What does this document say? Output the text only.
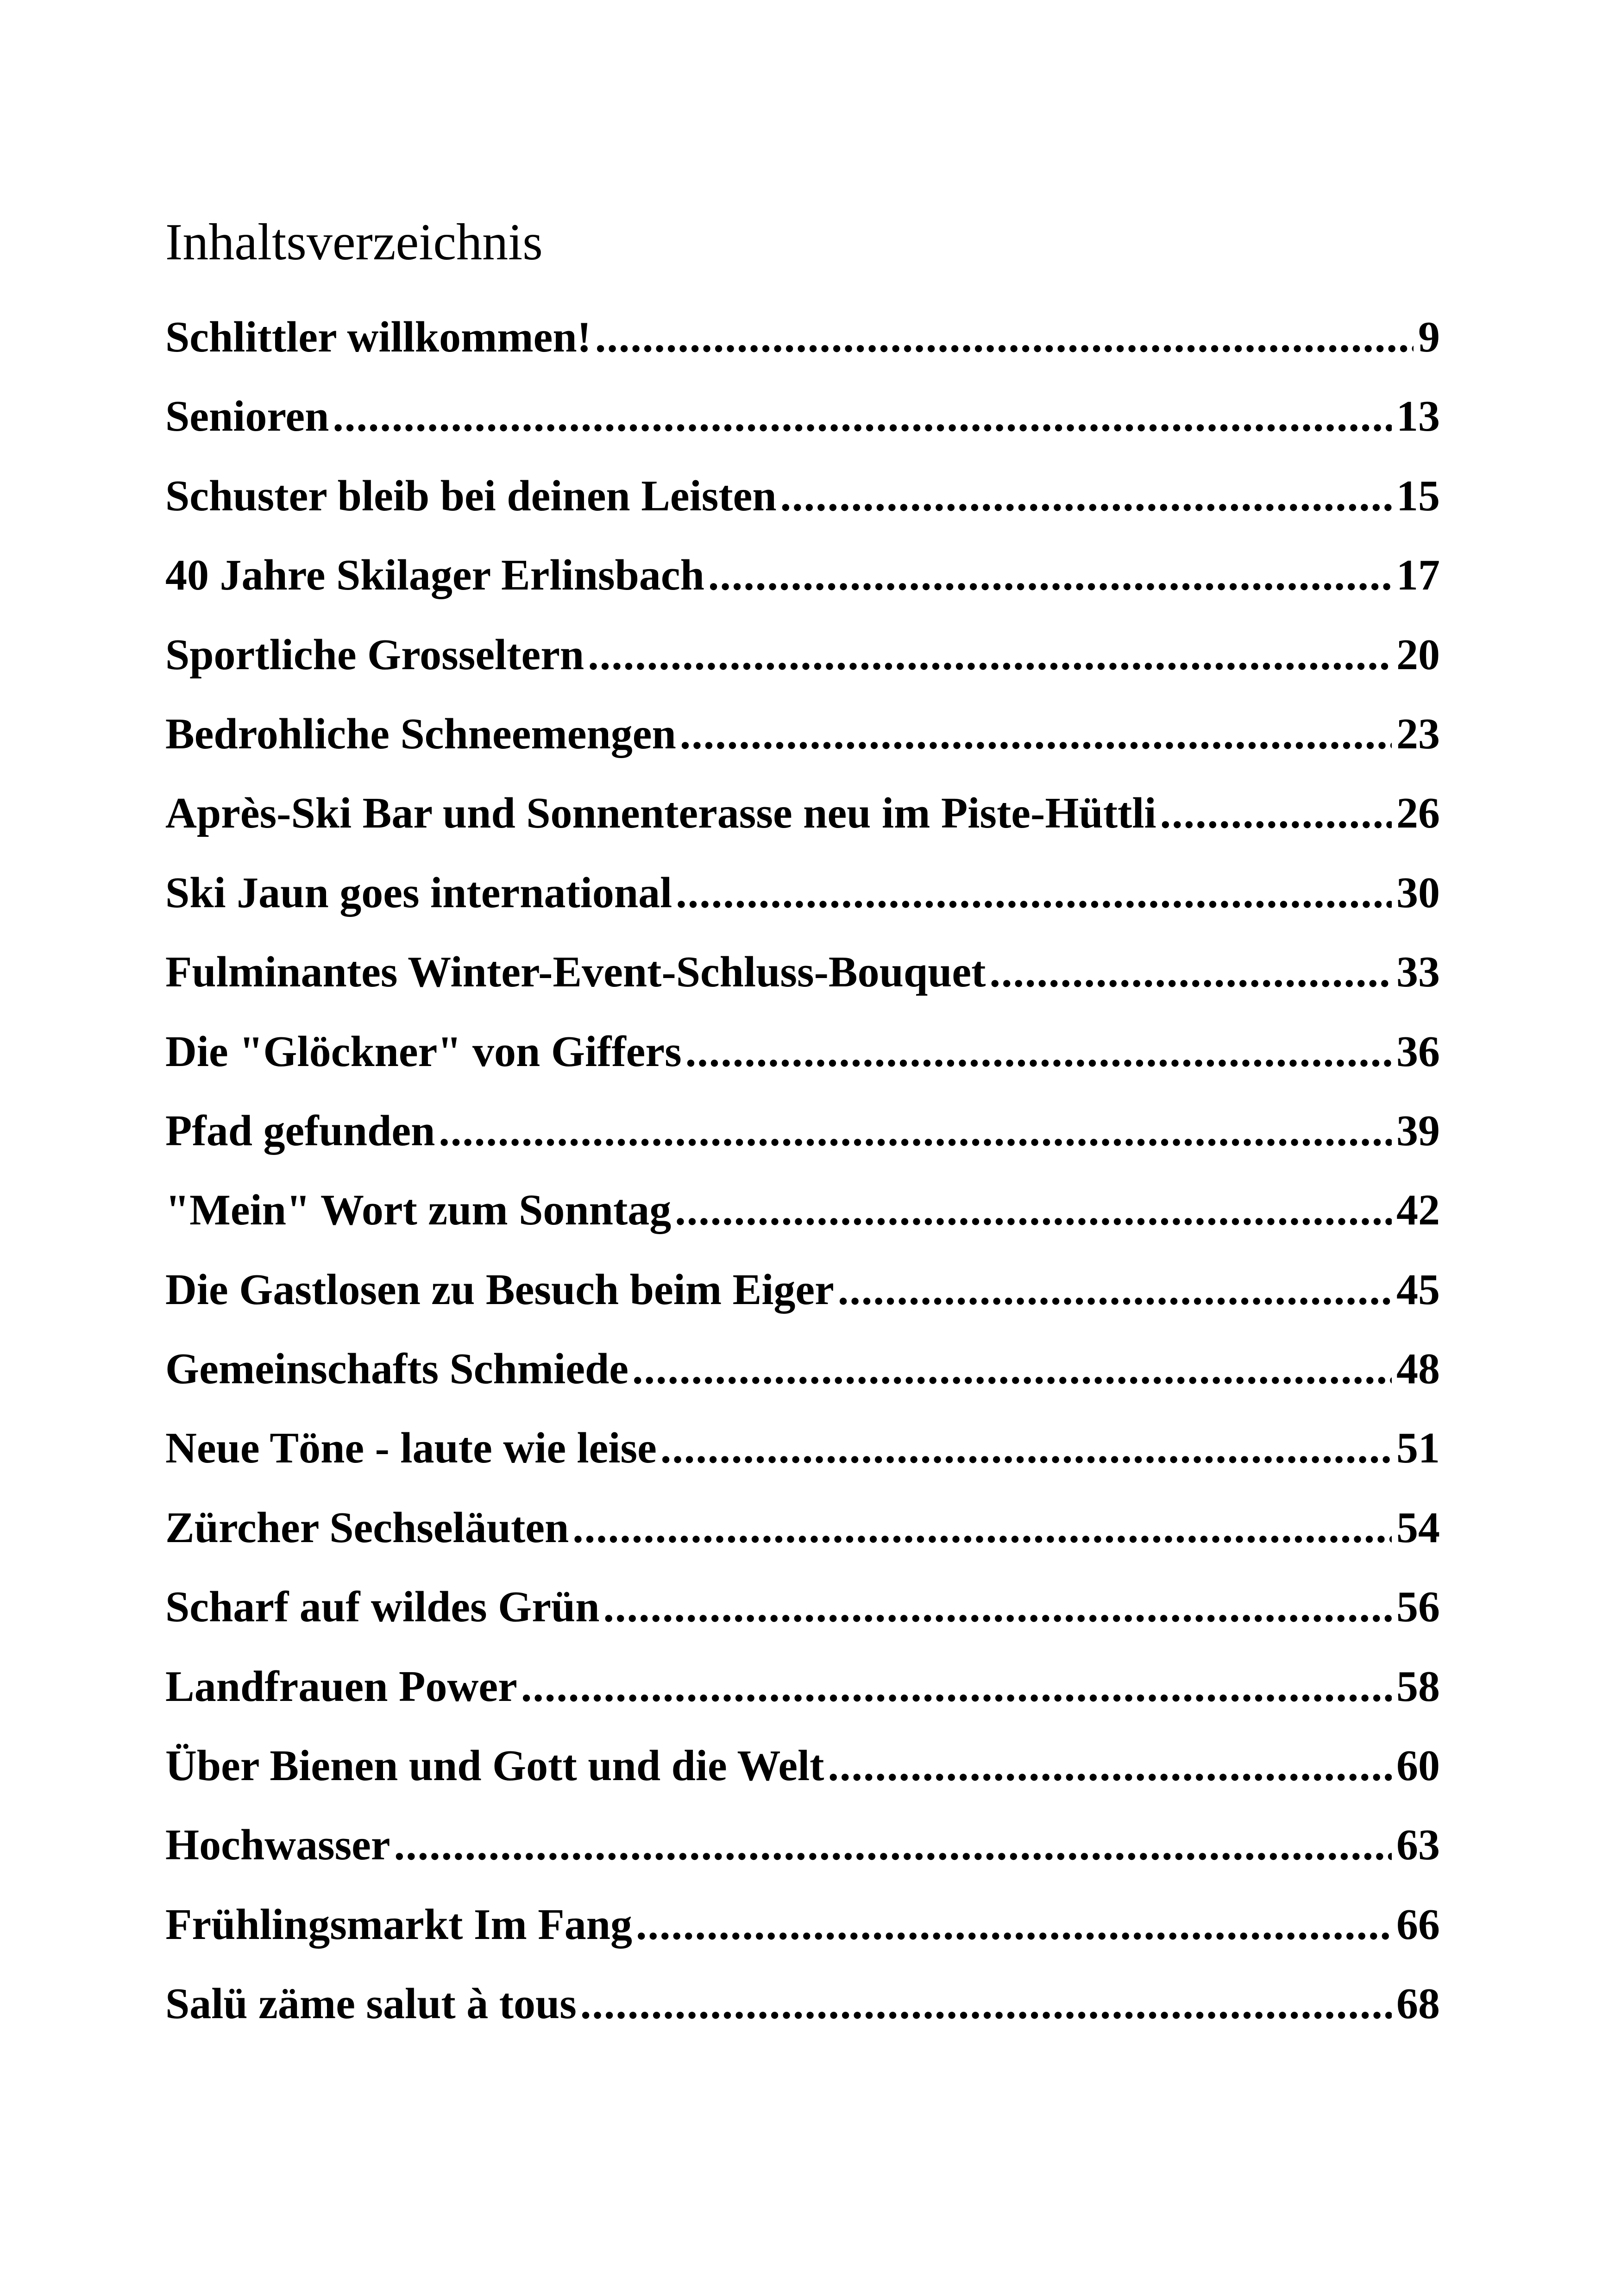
Inhaltsverzeichnis
Schlittler willkommen! .....	9
Senioren .....	13
Schuster bleib bei deinen Leisten .....	15
40 Jahre Skilager Erlinsbach .....	17
Sportliche Grosseltern .....	20
Bedrohliche Schneemengen .....	23
Après-Ski Bar und Sonnenterasse neu im Piste-Hüttli .....	26
Ski Jaun goes international .....	30
Fulminantes Winter-Event-Schluss-Bouquet .....	33
Die "Glöckner" von Giffers .....	36
Pfad gefunden .....	39
"Mein" Wort zum Sonntag .....	42
Die Gastlosen zu Besuch beim Eiger .....	45
Gemeinschafts Schmiede .....	48
Neue Töne - laute wie leise .....	51
Zürcher Sechseläuten .....	54
Scharf auf wildes Grün .....	56
Landfrauen Power .....	58
Über Bienen und Gott und die Welt .....	60
Hochwasser .....	63
Frühlingsmarkt Im Fang .....	66
Salü zäme salut à tous .....	68
